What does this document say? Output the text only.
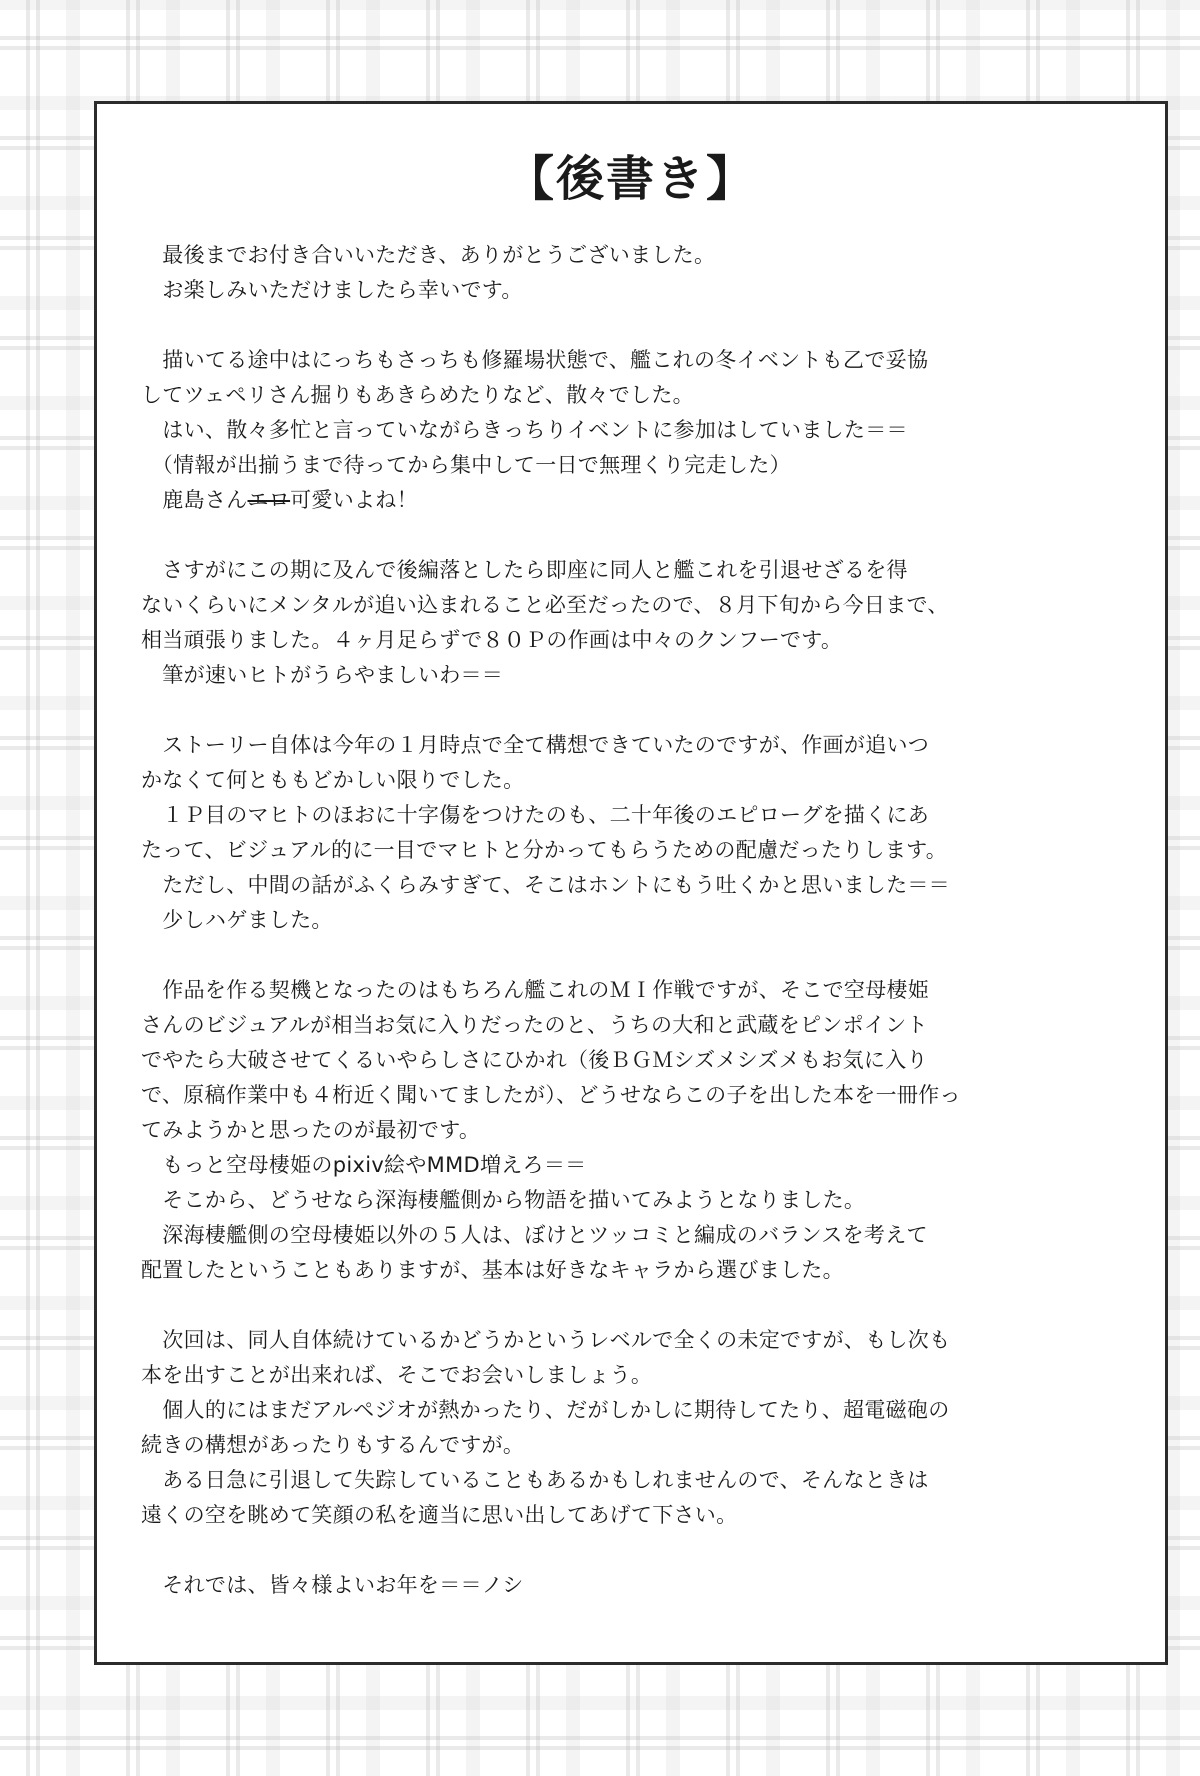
【後書き】

　最後までお付き合いいただき、ありがとうございました。
　お楽しみいただけましたら幸いです。

　描いてる途中はにっちもさっちも修羅場状態で、艦これの冬イベントも乙で妥協
してツェペリさん掘りもあきらめたりなど、散々でした。
　はい、散々多忙と言っていながらきっちりイベントに参加はしていました＝＝
　（情報が出揃うまで待ってから集中して一日で無理くり完走した）
　鹿島さんエロ可愛いよね！

　さすがにこの期に及んで後編落としたら即座に同人と艦これを引退せざるを得
ないくらいにメンタルが追い込まれること必至だったので、８月下旬から今日まで、
相当頑張りました。４ヶ月足らずで８０Ｐの作画は中々のクンフーです。
　筆が速いヒトがうらやましいわ＝＝

　ストーリー自体は今年の１月時点で全て構想できていたのですが、作画が追いつ
かなくて何とももどかしい限りでした。
　１Ｐ目のマヒトのほおに十字傷をつけたのも、二十年後のエピローグを描くにあ
たって、ビジュアル的に一目でマヒトと分かってもらうための配慮だったりします。
　ただし、中間の話がふくらみすぎて、そこはホントにもう吐くかと思いました＝＝
　少しハゲました。

　作品を作る契機となったのはもちろん艦これのＭＩ作戦ですが、そこで空母棲姫
さんのビジュアルが相当お気に入りだったのと、うちの大和と武蔵をピンポイント
でやたら大破させてくるいやらしさにひかれ（後ＢＧＭシズメシズメもお気に入り
で、原稿作業中も４桁近く聞いてましたが）、どうせならこの子を出した本を一冊作っ
てみようかと思ったのが最初です。
　もっと空母棲姫のpixiv絵やMMD増えろ＝＝
　そこから、どうせなら深海棲艦側から物語を描いてみようとなりました。
　深海棲艦側の空母棲姫以外の５人は、ぼけとツッコミと編成のバランスを考えて
配置したということもありますが、基本は好きなキャラから選びました。

　次回は、同人自体続けているかどうかというレベルで全くの未定ですが、もし次も
本を出すことが出来れば、そこでお会いしましょう。
　個人的にはまだアルペジオが熱かったり、だがしかしに期待してたり、超電磁砲の
続きの構想があったりもするんですが。
　ある日急に引退して失踪していることもあるかもしれませんので、そんなときは
遠くの空を眺めて笑顔の私を適当に思い出してあげて下さい。

　それでは、皆々様よいお年を＝＝ノシ
